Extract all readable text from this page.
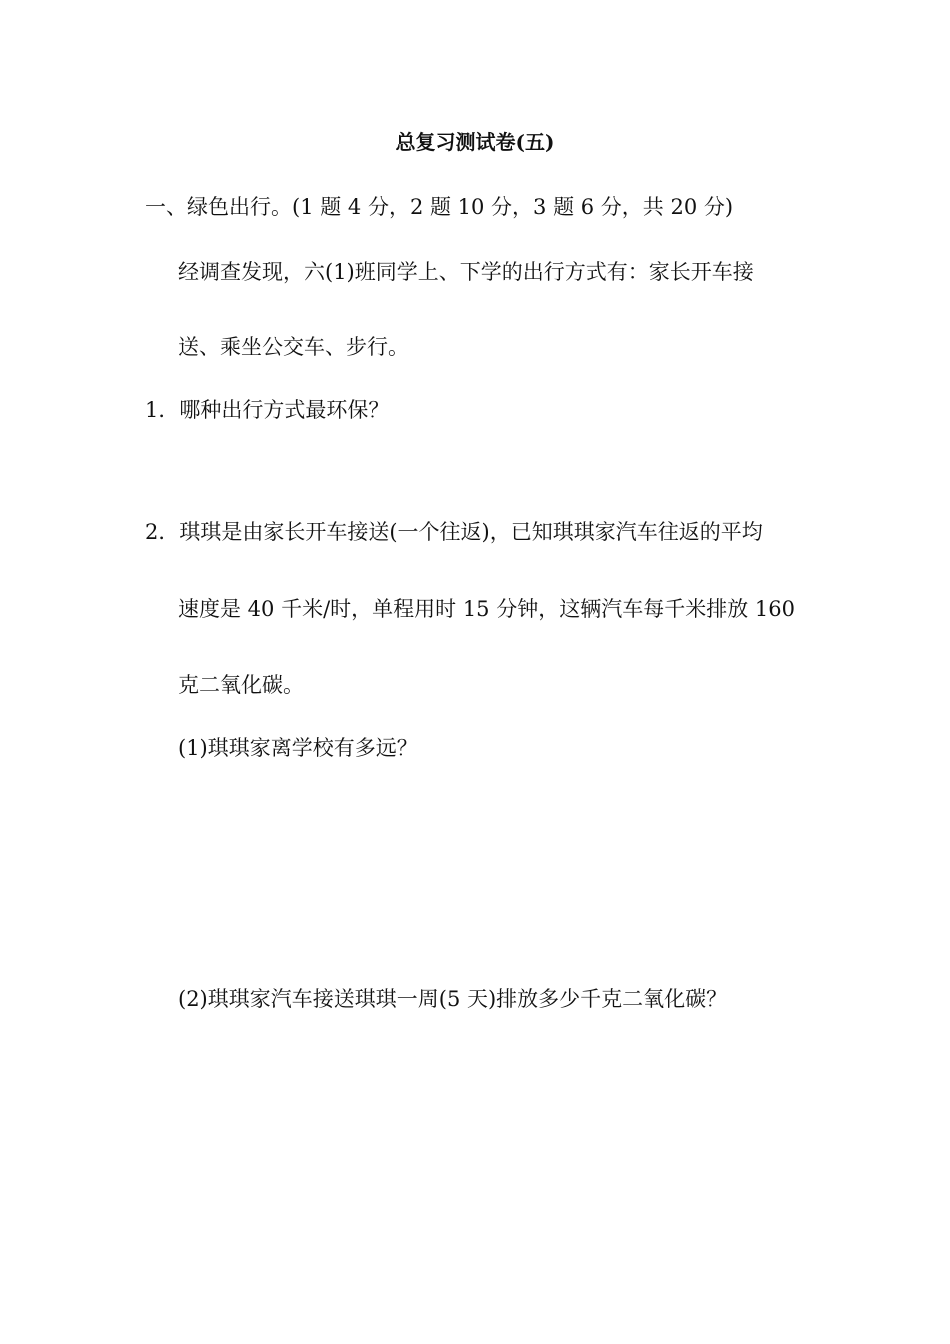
总复习测试卷(五)
一、绿色出行。(1 题 4 分，2 题 10 分，3 题 6 分，共 20 分)
经调查发现，六(1)班同学上、下学的出行方式有：家长开车接
送、乘坐公交车、步行。
1．哪种出行方式最环保？
2．琪琪是由家长开车接送(一个往返)，已知琪琪家汽车往返的平均
速度是 40 千米/时，单程用时 15 分钟，这辆汽车每千米排放 160
克二氧化碳。
(1)琪琪家离学校有多远？
(2)琪琪家汽车接送琪琪一周(5 天)排放多少千克二氧化碳？
